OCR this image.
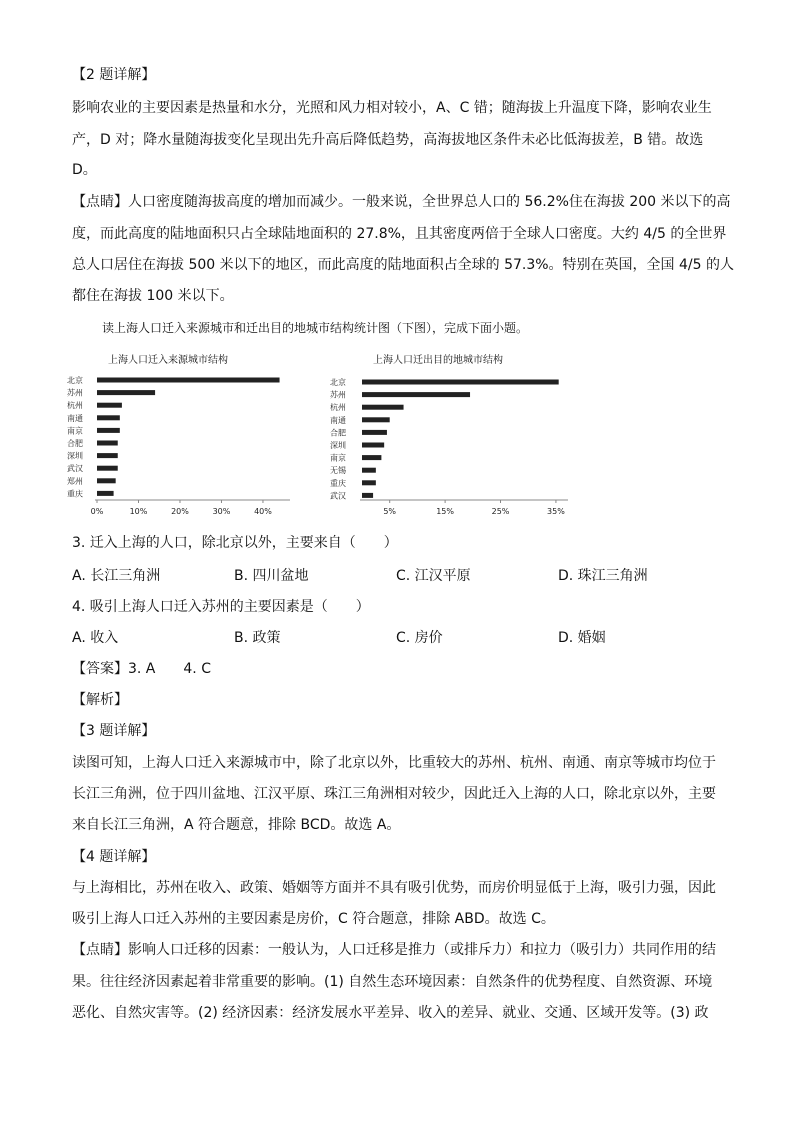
【2 题详解】
影响农业的主要因素是热量和水分，光照和风力相对较小，A、C 错；随海拔上升温度下降，影响农业生
产，D 对；降水量随海拔变化呈现出先升高后降低趋势，高海拔地区条件未必比低海拔差，B 错。故选
D。
【点睛】人口密度随海拔高度的增加而减少。一般来说，全世界总人口的 56.2%住在海拔 200 米以下的高
度，而此高度的陆地面积只占全球陆地面积的 27.8%，且其密度两倍于全球人口密度。大约 4/5 的全世界
总人口居住在海拔 500 米以下的地区，而此高度的陆地面积占全球的 57.3%。特别在英国，全国 4/5 的人
都住在海拔 100 米以下。
读上海人口迁入来源城市和迁出目的地城市结构统计图（下图），完成下面小题。
上海人口迁入来源城市结构	上海人口迁出目的地城市结构
北京
苏州
杭州
南通
南京
合肥
深圳
武汉
郑州
重庆
0%	10%	20%	30%	40%
北京
苏州
杭州
南通
合肥
深圳
南京
无锡
重庆
武汉
5%	15%	25%	35%
3. 迁入上海的人口，除北京以外，主要来自（　　）
A. 长江三角洲	B. 四川盆地	C. 江汉平原	D. 珠江三角洲
4. 吸引上海人口迁入苏州的主要因素是（　　）
A. 收入	B. 政策	C. 房价	D. 婚姻
【答案】3. A　　4. C
【解析】
【3 题详解】
读图可知，上海人口迁入来源城市中，除了北京以外，比重较大的苏州、杭州、南通、南京等城市均位于
长江三角洲，位于四川盆地、江汉平原、珠江三角洲相对较少，因此迁入上海的人口，除北京以外，主要
来自长江三角洲，A 符合题意，排除 BCD。故选 A。
【4 题详解】
与上海相比，苏州在收入、政策、婚姻等方面并不具有吸引优势，而房价明显低于上海，吸引力强，因此
吸引上海人口迁入苏州的主要因素是房价，C 符合题意，排除 ABD。故选 C。
【点睛】影响人口迁移的因素：一般认为，人口迁移是推力（或排斥力）和拉力（吸引力）共同作用的结
果。往往经济因素起着非常重要的影响。(1) 自然生态环境因素：自然条件的优势程度、自然资源、环境
恶化、自然灾害等。(2) 经济因素：经济发展水平差异、收入的差异、就业、交通、区域开发等。(3) 政
